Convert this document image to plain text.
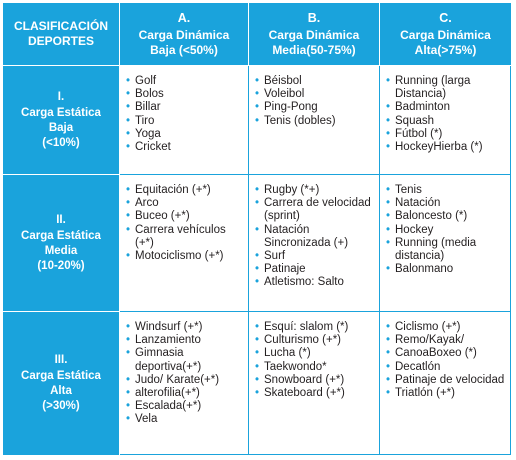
CLASIFICACIÓN
DEPORTES
A.
Carga Dinámica
Baja (<50%)
B.
Carga Dinámica
Media(50-75%)
C.
Carga Dinámica
Alta(>75%)
I.
Carga Estática
Baja
(<10%)
• Golf
• Bolos
• Billar
• Tiro
• Yoga
• Cricket
• Béisbol
• Voleibol
• Ping-Pong
• Tenis (dobles)
• Running (larga Distancia)
• Badminton
• Squash
• Fútbol (*)
• HockeyHierba (*)
II.
Carga Estática
Media
(10-20%)
• Equitación (+*)
• Arco
• Buceo (+*)
• Carrera vehículos (+*)
• Motociclismo (+*)
• Rugby (*+)
• Carrera de velocidad (sprint)
• Natación Sincronizada (+)
• Surf
• Patinaje
• Atletismo: Salto
• Tenis
• Natación
• Baloncesto (*)
• Hockey
• Running (media distancia)
• Balonmano
III.
Carga Estática
Alta
(>30%)
• Windsurf (+*)
• Lanzamiento
• Gimnasia deportiva(+*)
• Judo/ Karate(+*)
• alterofilia(+*)
• Escalada(+*)
• Vela
• Esquí: slalom (*)
• Culturismo (+*)
• Lucha (*)
• Taekwondo*
• Snowboard (+*)
• Skateboard (+*)
• Ciclismo (+*)
• Remo/Kayak/
• CanoaBoxeo (*)
• Decatlón
• Patinaje de velocidad
• Triatlón (+*)
